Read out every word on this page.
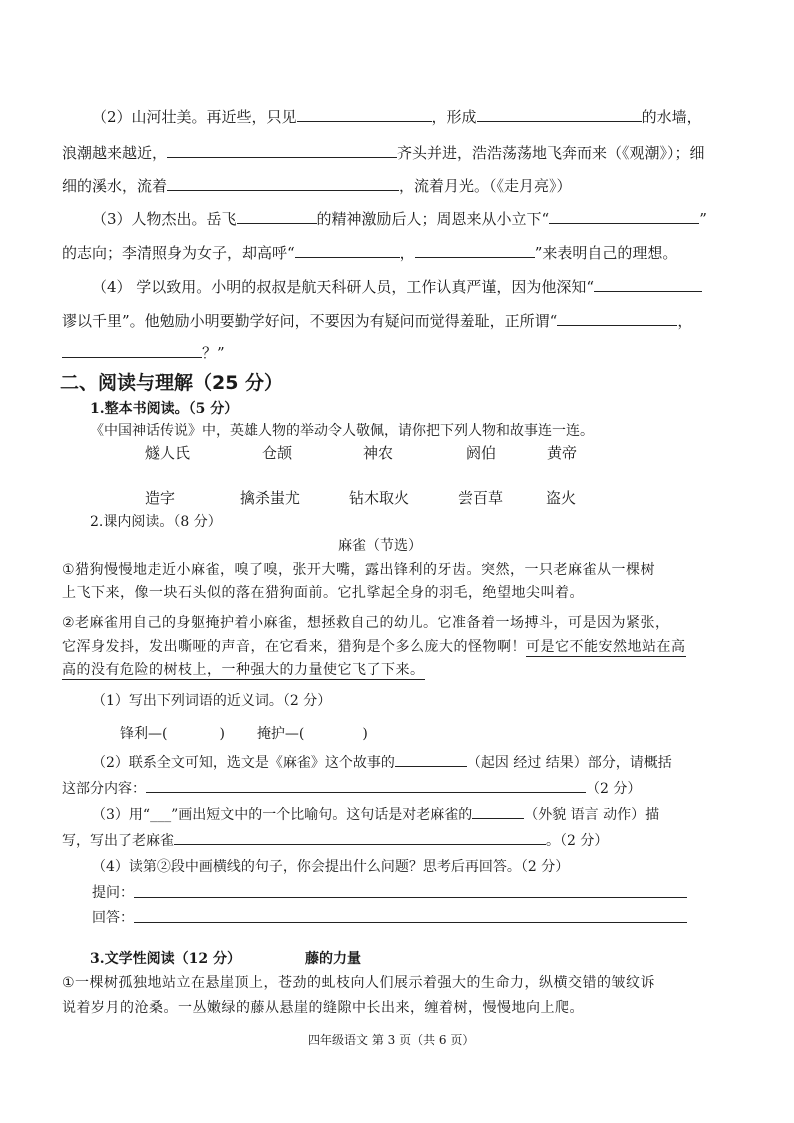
（2）山河壮美。再近些，只见	，形成	的水墙，
浪潮越来越近，	齐头并进，浩浩荡荡地飞奔而来（《观潮》）；细
细的溪水，流着	，流着月光。（《走月亮》）
（3）人物杰出。岳飞	的精神激励后人；周恩来从小立下“	”
的志向；李清照身为女子，却高呼“	，	”来表明自己的理想。
（4） 学以致用。小明的叔叔是航天科研人员，工作认真严谨，因为他深知“
谬以千里”。他勉励小明要勤学好问，不要因为有疑问而觉得羞耻，正所谓“	，
？”
二、阅读与理解（25 分）
1.整本书阅读。（5 分）
《中国神话传说》中，英雄人物的举动令人敬佩，请你把下列人物和故事连一连。
燧人氏	仓颉	神农	阏伯	黄帝
造字	擒杀蚩尤	钻木取火	尝百草	盗火
2.课内阅读。（8 分）
麻雀（节选）
①猎狗慢慢地走近小麻雀，嗅了嗅，张开大嘴，露出锋利的牙齿。突然，一只老麻雀从一棵树
上飞下来，像一块石头似的落在猎狗面前。它扎挲起全身的羽毛，绝望地尖叫着。
②老麻雀用自己的身躯掩护着小麻雀，想拯救自己的幼儿。它准备着一场搏斗，可是因为紧张，
它浑身发抖，发出嘶哑的声音，在它看来，猎狗是个多么庞大的怪物啊！可是它不能安然地站在高
高的没有危险的树枝上，一种强大的力量使它飞了下来。
（1）写出下列词语的近义词。（2 分）
锋利—(	) 掩护—(	)
（2）联系全文可知，选文是《麻雀》这个故事的	（起因 经过 结果）部分，请概括
这部分内容：	（2 分）
（3）用“___”画出短文中的一个比喻句。这句话是对老麻雀的	（外貌 语言 动作）描
写，写出了老麻雀	。（2 分）
（4）读第②段中画横线的句子，你会提出什么问题？思考后再回答。（2 分）
提问：
回答：
3.文学性阅读（12 分）	藤的力量
①一棵树孤独地站立在悬崖顶上，苍劲的虬枝向人们展示着强大的生命力，纵横交错的皱纹诉
说着岁月的沧桑。一丛嫩绿的藤从悬崖的缝隙中长出来，缠着树，慢慢地向上爬。
四年级语文 第 3 页（共 6 页）
